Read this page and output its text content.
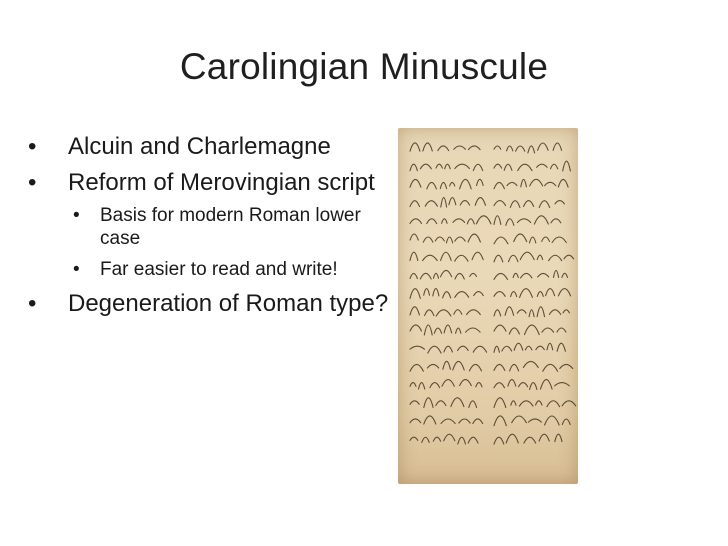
Carolingian Minuscule
• Alcuin and Charlemagne
• Reform of Merovingian script
• Basis for modern Roman lower case
• Far easier to read and write!
• Degeneration of Roman type?
